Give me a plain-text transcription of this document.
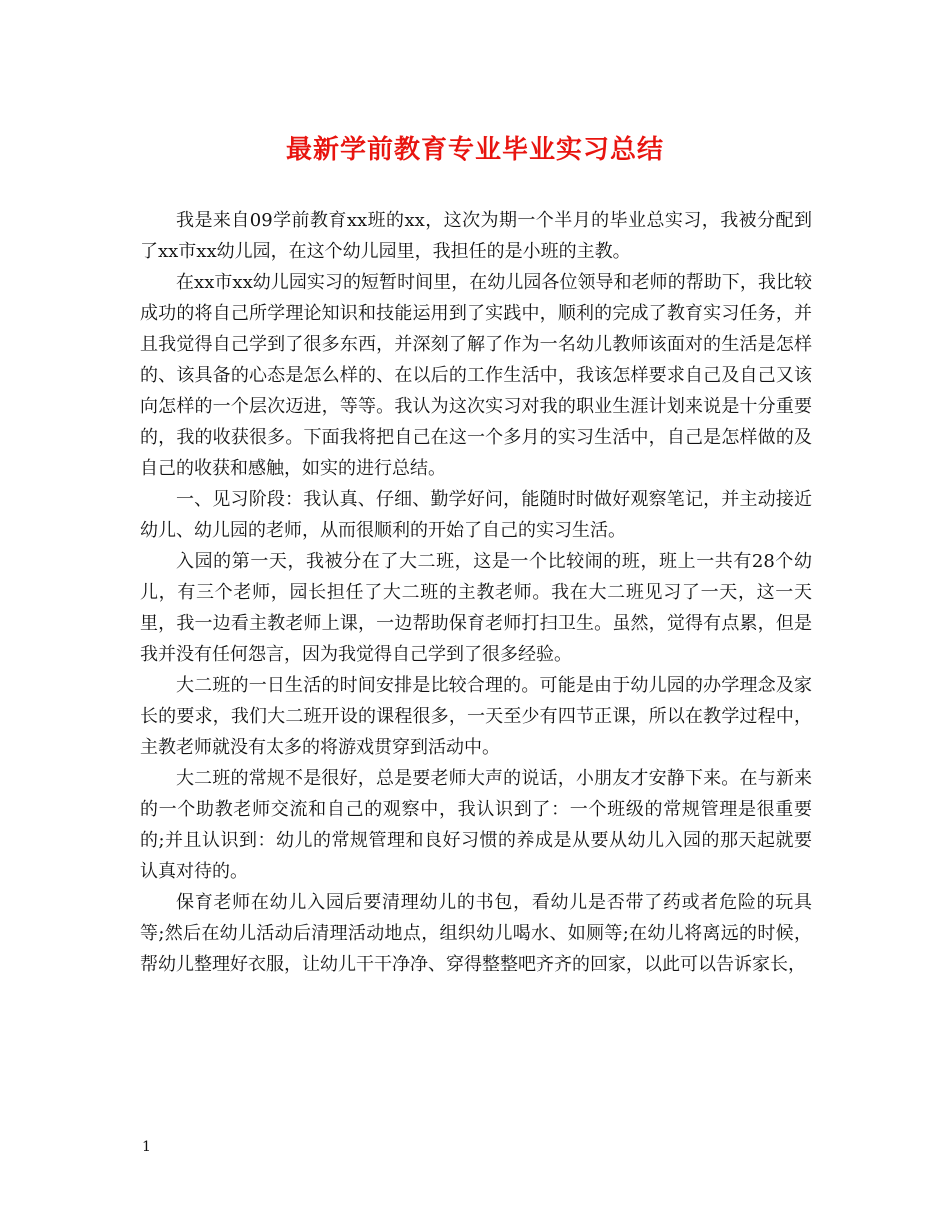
最新学前教育专业毕业实习总结

我是来自09学前教育xx班的xx，这次为期一个半月的毕业总实习，我被分配到了xx市xx幼儿园，在这个幼儿园里，我担任的是小班的主教。

在xx市xx幼儿园实习的短暂时间里，在幼儿园各位领导和老师的帮助下，我比较成功的将自己所学理论知识和技能运用到了实践中，顺利的完成了教育实习任务，并且我觉得自己学到了很多东西，并深刻了解了作为一名幼儿教师该面对的生活是怎样的、该具备的心态是怎么样的、在以后的工作生活中，我该怎样要求自己及自己又该向怎样的一个层次迈进，等等。我认为这次实习对我的职业生涯计划来说是十分重要的，我的收获很多。下面我将把自己在这一个多月的实习生活中，自己是怎样做的及自己的收获和感触，如实的进行总结。

一、见习阶段：我认真、仔细、勤学好问，能随时时做好观察笔记，并主动接近幼儿、幼儿园的老师，从而很顺利的开始了自己的实习生活。

入园的第一天，我被分在了大二班，这是一个比较闹的班，班上一共有28个幼儿，有三个老师，园长担任了大二班的主教老师。我在大二班见习了一天，这一天里，我一边看主教老师上课，一边帮助保育老师打扫卫生。虽然，觉得有点累，但是我并没有任何怨言，因为我觉得自己学到了很多经验。

大二班的一日生活的时间安排是比较合理的。可能是由于幼儿园的办学理念及家长的要求，我们大二班开设的课程很多，一天至少有四节正课，所以在教学过程中，主教老师就没有太多的将游戏贯穿到活动中。

大二班的常规不是很好，总是要老师大声的说话，小朋友才安静下来。在与新来的一个助教老师交流和自己的观察中，我认识到了：一个班级的常规管理是很重要的;并且认识到：幼儿的常规管理和良好习惯的养成是从要从幼儿入园的那天起就要认真对待的。

保育老师在幼儿入园后要清理幼儿的书包，看幼儿是否带了药或者危险的玩具等;然后在幼儿活动后清理活动地点，组织幼儿喝水、如厕等;在幼儿将离远的时候，帮幼儿整理好衣服，让幼儿干干净净、穿得整整吧齐齐的回家，以此可以告诉家长，

1
